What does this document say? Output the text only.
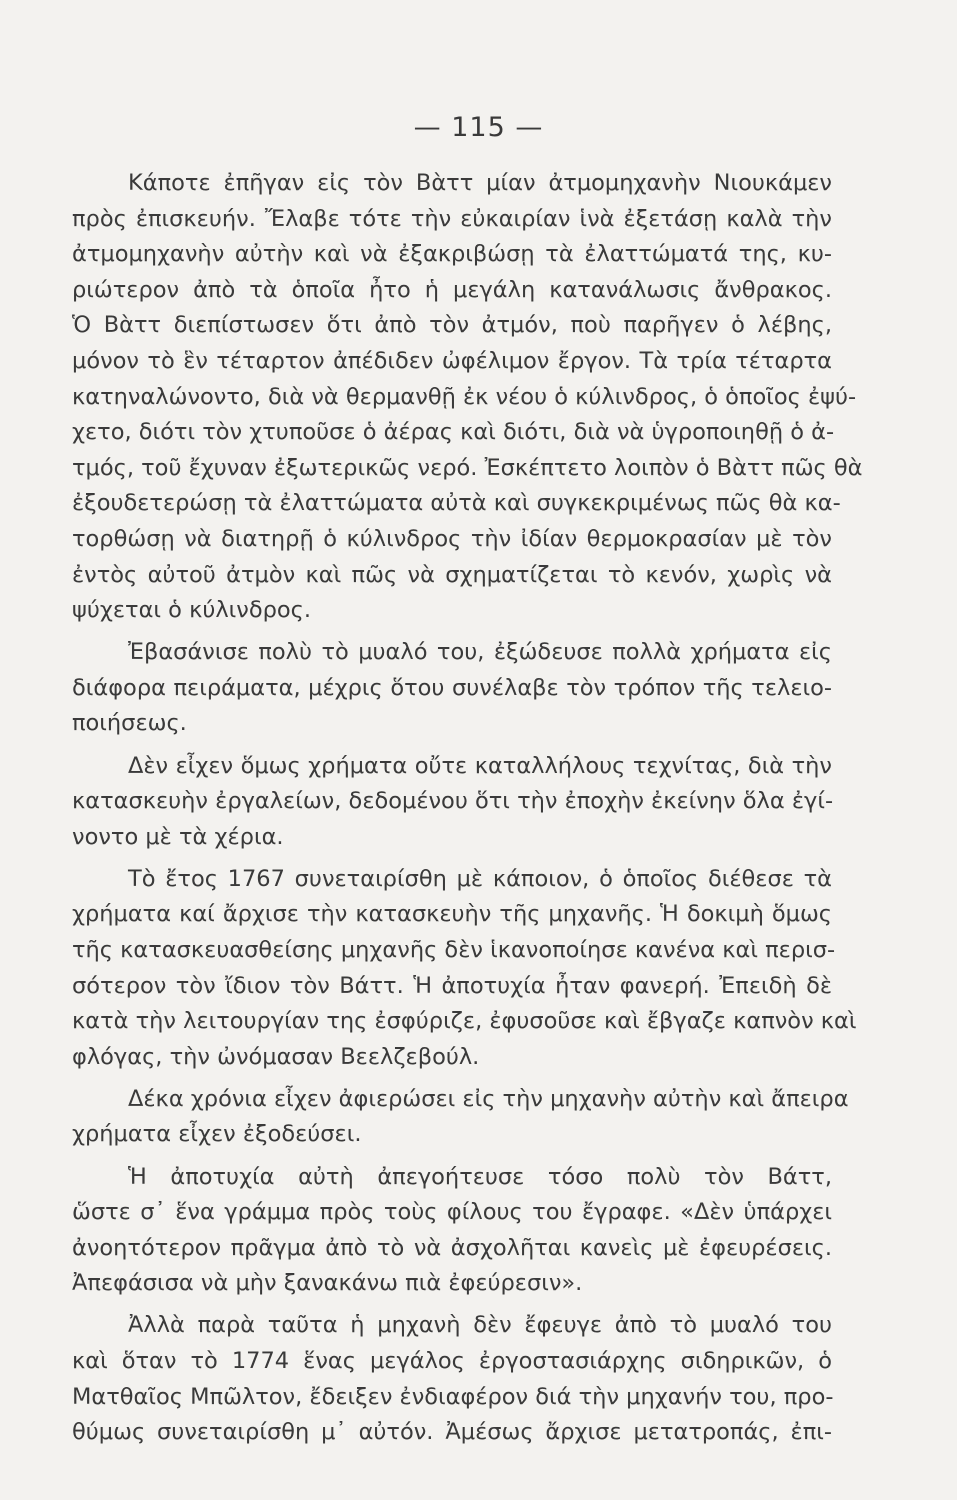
— 115 —
Κάποτε ἐπῆγαν εἰς τὸν Βὰττ μίαν ἀτμομηχανὴν Νιουκάμεν
πρὸς ἐπισκευήν. Ἔλαβε τότε τὴν εὐκαιρίαν ἱνὰ ἐξετάσῃ καλὰ τὴν
ἀτμομηχανὴν αὐτὴν καὶ νὰ ἐξακριβώσῃ τὰ ἐλαττώματά της, κυ-
ριώτερον ἀπὸ τὰ ὁποῖα ἦτο ἡ μεγάλη κατανάλωσις ἄνθρακος.
Ὁ Βὰττ διεπίστωσεν ὅτι ἀπὸ τὸν ἀτμόν, ποὺ παρῆγεν ὁ λέβης,
μόνον τὸ ἓν τέταρτον ἀπέδιδεν ὠφέλιμον ἔργον. Τὰ τρία τέταρτα
κατηναλώνοντο, διὰ νὰ θερμανθῇ ἐκ νέου ὁ κύλινδρος, ὁ ὁποῖος ἐψύ-
χετο, διότι τὸν χτυποῦσε ὁ ἀέρας καὶ διότι, διὰ νὰ ὑγροποιηθῇ ὁ ἀ-
τμός, τοῦ ἔχυναν ἐξωτερικῶς νερό. Ἐσκέπτετο λοιπὸν ὁ Βὰττ πῶς θὰ
ἐξουδετερώσῃ τὰ ἐλαττώματα αὐτὰ καὶ συγκεκριμένως πῶς θὰ κα-
τορθώσῃ νὰ διατηρῇ ὁ κύλινδρος τὴν ἰδίαν θερμοκρασίαν μὲ τὸν
ἐντὸς αὐτοῦ ἀτμὸν καὶ πῶς νὰ σχηματίζεται τὸ κενόν, χωρὶς νὰ
ψύχεται ὁ κύλινδρος.
Ἐβασάνισε πολὺ τὸ μυαλό του, ἐξώδευσε πολλὰ χρήματα εἰς
διάφορα πειράματα, μέχρις ὅτου συνέλαβε τὸν τρόπον τῆς τελειο-
ποιήσεως.
Δὲν εἶχεν ὅμως χρήματα οὔτε καταλλήλους τεχνίτας, διὰ τὴν
κατασκευὴν ἐργαλείων, δεδομένου ὅτι τὴν ἐποχὴν ἐκείνην ὅλα ἐγί-
νοντο μὲ τὰ χέρια.
Τὸ ἔτος 1767 συνεταιρίσθη μὲ κάποιον, ὁ ὁποῖος διέθεσε τὰ
χρήματα καί ἄρχισε τὴν κατασκευὴν τῆς μηχανῆς. Ἡ δοκιμὴ ὅμως
τῆς κατασκευασθείσης μηχανῆς δὲν ἱκανοποίησε κανένα καὶ περισ-
σότερον τὸν ἴδιον τὸν Βάττ. Ἡ ἀποτυχία ἦταν φανερή. Ἐπειδὴ δὲ
κατὰ τὴν λειτουργίαν της ἐσφύριζε, ἐφυσοῦσε καὶ ἔβγαζε καπνὸν καὶ
φλόγας, τὴν ὠνόμασαν Βεελζεβούλ.
Δέκα χρόνια εἶχεν ἀφιερώσει εἰς τὴν μηχανὴν αὐτὴν καὶ ἄπειρα
χρήματα εἶχεν ἐξοδεύσει.
Ἡ ἀποτυχία αὐτὴ ἀπεγοήτευσε τόσο πολὺ τὸν Βάττ,
ὥστε σ᾽ ἕνα γράμμα πρὸς τοὺς φίλους του ἔγραφε. «Δὲν ὑπάρχει
ἀνοητότερον πρᾶγμα ἀπὸ τὸ νὰ ἀσχολῆται κανεὶς μὲ ἐφευρέσεις.
Ἀπεφάσισα νὰ μὴν ξανακάνω πιὰ ἐφεύρεσιν».
Ἀλλὰ παρὰ ταῦτα ἡ μηχανὴ δὲν ἔφευγε ἀπὸ τὸ μυαλό του
καὶ ὅταν τὸ 1774 ἕνας μεγάλος ἐργοστασιάρχης σιδηρικῶν, ὁ
Ματθαῖος Μπῶλτον, ἔδειξεν ἐνδιαφέρον διά τὴν μηχανήν του, προ-
θύμως συνεταιρίσθη μ᾽ αὐτόν. Ἀμέσως ἄρχισε μετατροπάς, ἐπι-
